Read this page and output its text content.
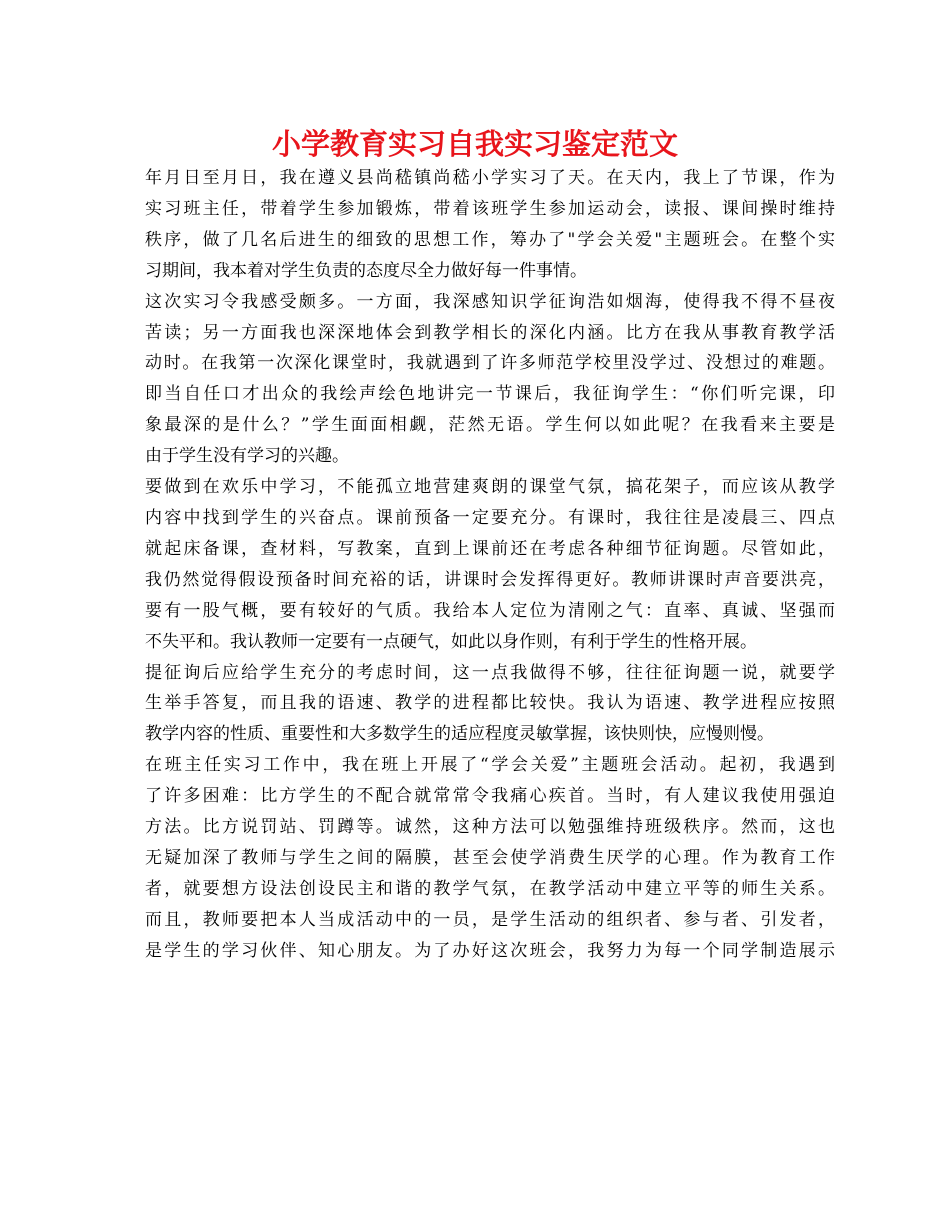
小学教育实习自我实习鉴定范文
年月日至月日，我在遵义县尚嵇镇尚嵇小学实习了天。在天内，我上了节课，作为
实习班主任，带着学生参加锻炼，带着该班学生参加运动会，读报、课间操时维持
秩序，做了几名后进生的细致的思想工作，筹办了"学会关爱"主题班会。在整个实
习期间，我本着对学生负责的态度尽全力做好每一件事情。
这次实习令我感受颇多。一方面，我深感知识学征询浩如烟海，使得我不得不昼夜
苦读；另一方面我也深深地体会到教学相长的深化内涵。比方在我从事教育教学活
动时。在我第一次深化课堂时，我就遇到了许多师范学校里没学过、没想过的难题。
即当自任口才出众的我绘声绘色地讲完一节课后，我征询学生：“你们听完课，印
象最深的是什么？”学生面面相觑，茫然无语。学生何以如此呢？在我看来主要是
由于学生没有学习的兴趣。
要做到在欢乐中学习，不能孤立地营建爽朗的课堂气氛，搞花架子，而应该从教学
内容中找到学生的兴奋点。课前预备一定要充分。有课时，我往往是凌晨三、四点
就起床备课，查材料，写教案，直到上课前还在考虑各种细节征询题。尽管如此，
我仍然觉得假设预备时间充裕的话，讲课时会发挥得更好。教师讲课时声音要洪亮，
要有一股气概，要有较好的气质。我给本人定位为清刚之气：直率、真诚、坚强而
不失平和。我认教师一定要有一点硬气，如此以身作则，有利于学生的性格开展。
提征询后应给学生充分的考虑时间，这一点我做得不够，往往征询题一说，就要学
生举手答复，而且我的语速、教学的进程都比较快。我认为语速、教学进程应按照
教学内容的性质、重要性和大多数学生的适应程度灵敏掌握，该快则快，应慢则慢。
在班主任实习工作中，我在班上开展了“学会关爱”主题班会活动。起初，我遇到
了许多困难：比方学生的不配合就常常令我痛心疾首。当时，有人建议我使用强迫
方法。比方说罚站、罚蹲等。诚然，这种方法可以勉强维持班级秩序。然而，这也
无疑加深了教师与学生之间的隔膜，甚至会使学消费生厌学的心理。作为教育工作
者，就要想方设法创设民主和谐的教学气氛，在教学活动中建立平等的师生关系。
而且，教师要把本人当成活动中的一员，是学生活动的组织者、参与者、引发者，
是学生的学习伙伴、知心朋友。为了办好这次班会，我努力为每一个同学制造展示
